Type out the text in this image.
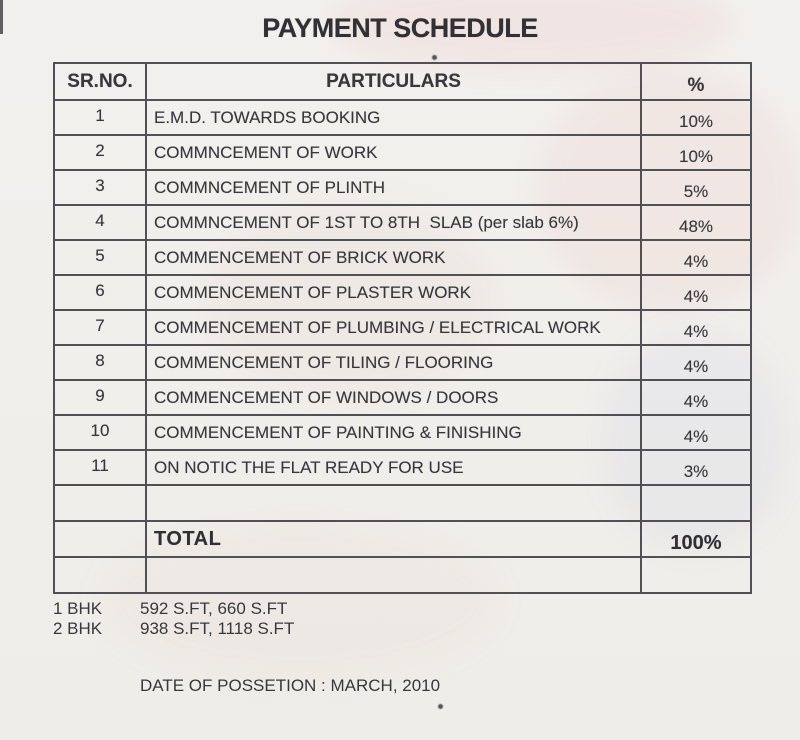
PAYMENT SCHEDULE
SR.NO.	PARTICULARS	%
1	E.M.D. TOWARDS BOOKING	10%
2	COMMNCEMENT OF WORK	10%
3	COMMNCEMENT OF PLINTH	5%
4	COMMNCEMENT OF 1ST TO 8TH  SLAB (per slab 6%)	48%
5	COMMENCEMENT OF BRICK WORK	4%
6	COMMENCEMENT OF PLASTER WORK	4%
7	COMMENCEMENT OF PLUMBING / ELECTRICAL WORK	4%
8	COMMENCEMENT OF TILING / FLOORING	4%
9	COMMENCEMENT OF WINDOWS / DOORS	4%
10	COMMENCEMENT OF PAINTING & FINISHING	4%
11	ON NOTIC THE FLAT READY FOR USE	3%

	TOTAL	100%

1 BHK 592 S.FT, 660 S.FT
2 BHK 938 S.FT, 1118 S.FT
DATE OF POSSETION : MARCH, 2010
